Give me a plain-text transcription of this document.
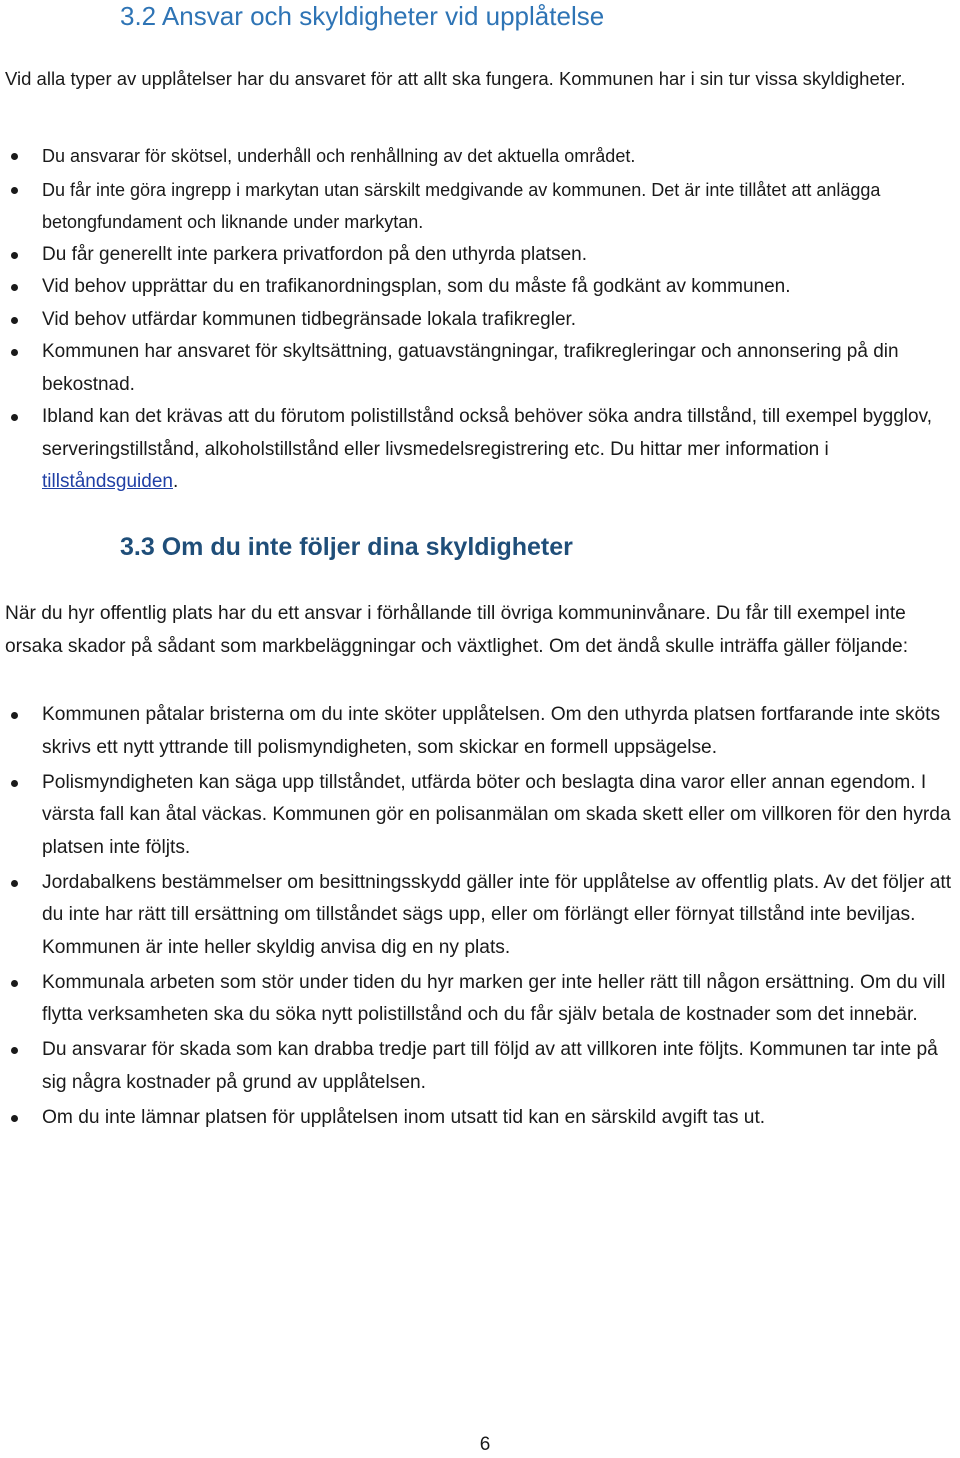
3.2 Ansvar och skyldigheter vid upplåtelse

Vid alla typer av upplåtelser har du ansvaret för att allt ska fungera. Kommunen har i sin tur vissa skyldigheter.

Du ansvarar för skötsel, underhåll och renhållning av det aktuella området.
Du får inte göra ingrepp i markytan utan särskilt medgivande av kommunen. Det är inte tillåtet att anlägga betongfundament och liknande under markytan.
Du får generellt inte parkera privatfordon på den uthyrda platsen.
Vid behov upprättar du en trafikanordningsplan, som du måste få godkänt av kommunen.
Vid behov utfärdar kommunen tidbegränsade lokala trafikregler.
Kommunen har ansvaret för skyltsättning, gatuavstängningar, trafikregleringar och annonsering på din bekostnad.
Ibland kan det krävas att du förutom polistillstånd också behöver söka andra tillstånd, till exempel bygglov, serveringstillstånd, alkoholstillstånd eller livsmedelsregistrering etc. Du hittar mer information i tillståndsguiden.
3.3 Om du inte följer dina skyldigheter

När du hyr offentlig plats har du ett ansvar i förhållande till övriga kommuninvånare. Du får till exempel inte orsaka skador på sådant som markbeläggningar och växtlighet. Om det ändå skulle inträffa gäller följande:

Kommunen påtalar bristerna om du inte sköter upplåtelsen. Om den uthyrda platsen fortfarande inte sköts skrivs ett nytt yttrande till polismyndigheten, som skickar en formell uppsägelse.
Polismyndigheten kan säga upp tillståndet, utfärda böter och beslagta dina varor eller annan egendom. I värsta fall kan åtal väckas. Kommunen gör en polisanmälan om skada skett eller om villkoren för den hyrda platsen inte följts.
Jordabalkens bestämmelser om besittningsskydd gäller inte för upplåtelse av offentlig plats. Av det följer att du inte har rätt till ersättning om tillståndet sägs upp, eller om förlängt eller förnyat tillstånd inte beviljas. Kommunen är inte heller skyldig anvisa dig en ny plats.
Kommunala arbeten som stör under tiden du hyr marken ger inte heller rätt till någon ersättning. Om du vill flytta verksamheten ska du söka nytt polistillstånd och du får själv betala de kostnader som det innebär.
Du ansvarar för skada som kan drabba tredje part till följd av att villkoren inte följts. Kommunen tar inte på sig några kostnader på grund av upplåtelsen.
Om du inte lämnar platsen för upplåtelsen inom utsatt tid kan en särskild avgift tas ut.
6
